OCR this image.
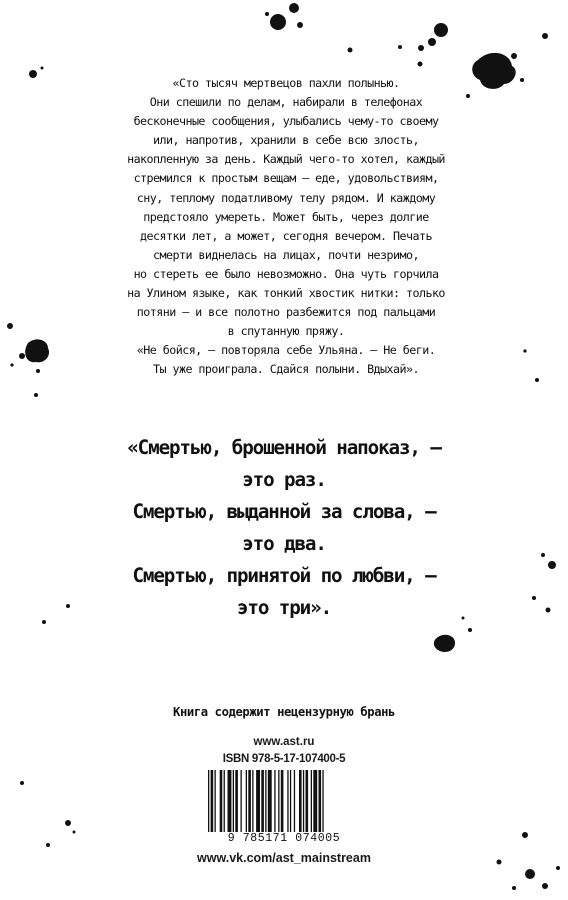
«Сто тысяч мертвецов пахли полынью.
Они спешили по делам, набирали в телефонах
бесконечные сообщения, улыбались чему-то своему
или, напротив, хранили в себе всю злость,
накопленную за день. Каждый чего-то хотел, каждый
стремился к простым вещам — еде, удовольствиям,
сну, теплому податливому телу рядом. И каждому
предстояло умереть. Может быть, через долгие
десятки лет, а может, сегодня вечером. Печать
смерти виднелась на лицах, почти незримо,
но стереть ее было невозможно. Она чуть горчила
на Улином языке, как тонкий хвостик нитки: только
потяни — и все полотно разбежится под пальцами
в спутанную пряжу.
«Не бойся, — повторяла себе Ульяна. — Не беги.
Ты уже проиграла. Сдайся полыни. Вдыхай».
«Смертью, брошенной напоказ, —
это раз.
Смертью, выданной за слова, —
это два.
Смертью, принятой по любви, —
это три».
Книга содержит нецензурную брань
www.ast.ru
ISBN 978-5-17-107400-5
9 785171 074005
www.vk.com/ast_mainstream
